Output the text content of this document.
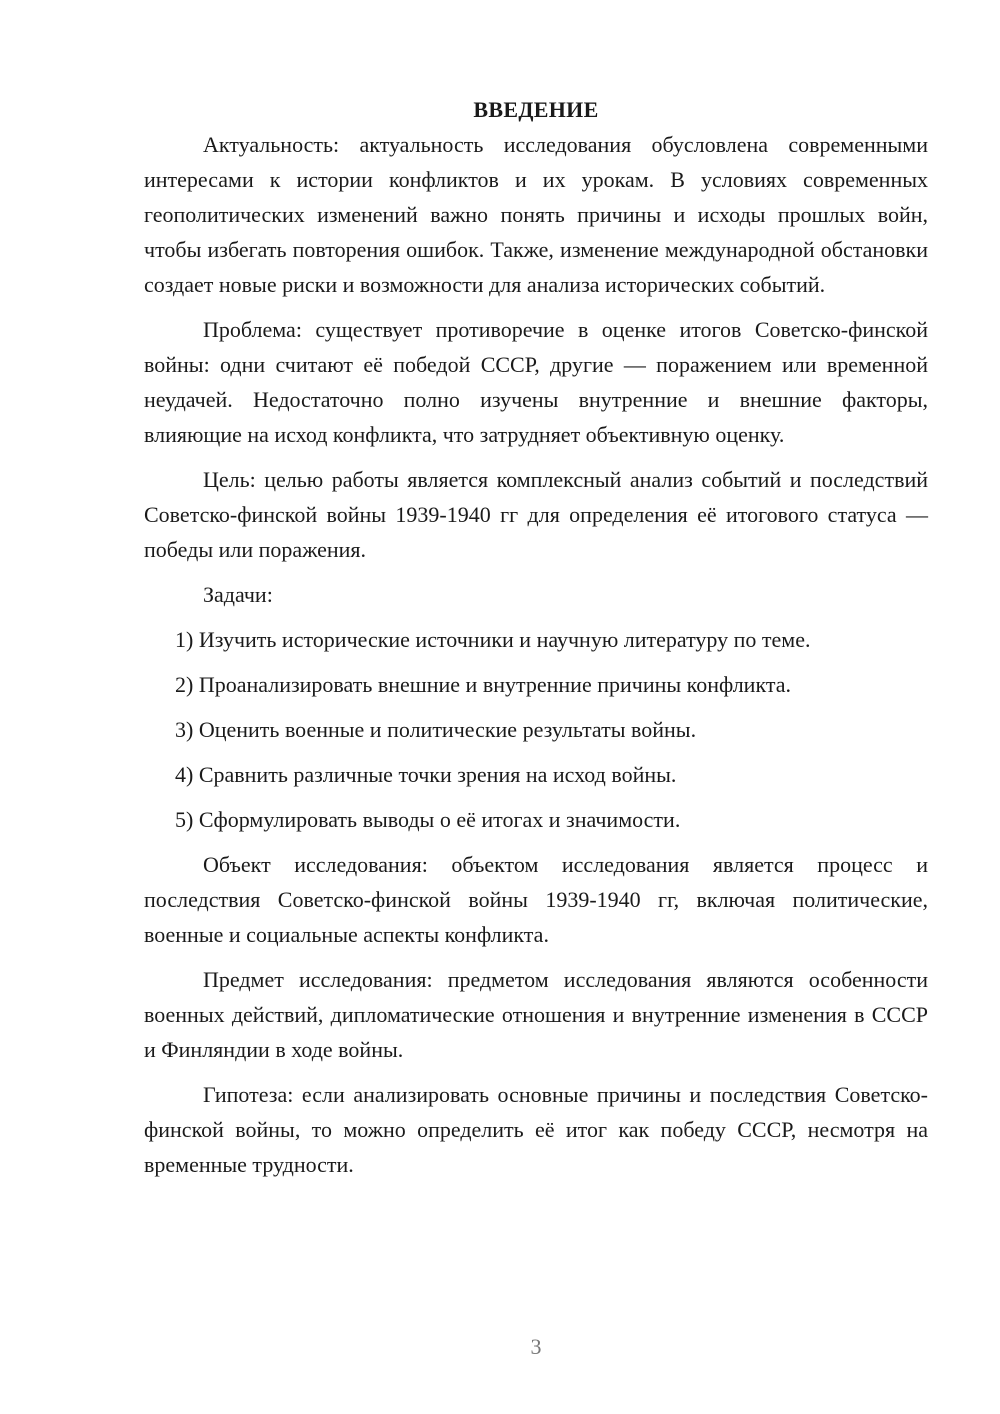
ВВЕДЕНИЕ

Актуальность: актуальность исследования обусловлена современными интересами к истории конфликтов и их урокам. В условиях современных геополитических изменений важно понять причины и исходы прошлых войн, чтобы избегать повторения ошибок. Также, изменение международной обстановки создает новые риски и возможности для анализа исторических событий.

Проблема: существует противоречие в оценке итогов Советско-финской войны: одни считают её победой СССР, другие — поражением или временной неудачей. Недостаточно полно изучены внутренние и внешние факторы, влияющие на исход конфликта, что затрудняет объективную оценку.

Цель: целью работы является комплексный анализ событий и последствий Советско-финской войны 1939-1940 гг для определения её итогового статуса — победы или поражения.

Задачи:

1) Изучить исторические источники и научную литературу по теме.

2) Проанализировать внешние и внутренние причины конфликта.

3) Оценить военные и политические результаты войны.

4) Сравнить различные точки зрения на исход войны.

5) Сформулировать выводы о её итогах и значимости.

Объект исследования: объектом исследования является процесс и последствия Советско-финской войны 1939-1940 гг, включая политические, военные и социальные аспекты конфликта.

Предмет исследования: предметом исследования являются особенности военных действий, дипломатические отношения и внутренние изменения в СССР и Финляндии в ходе войны.

Гипотеза: если анализировать основные причины и последствия Советско-финской войны, то можно определить её итог как победу СССР, несмотря на временные трудности.

3
